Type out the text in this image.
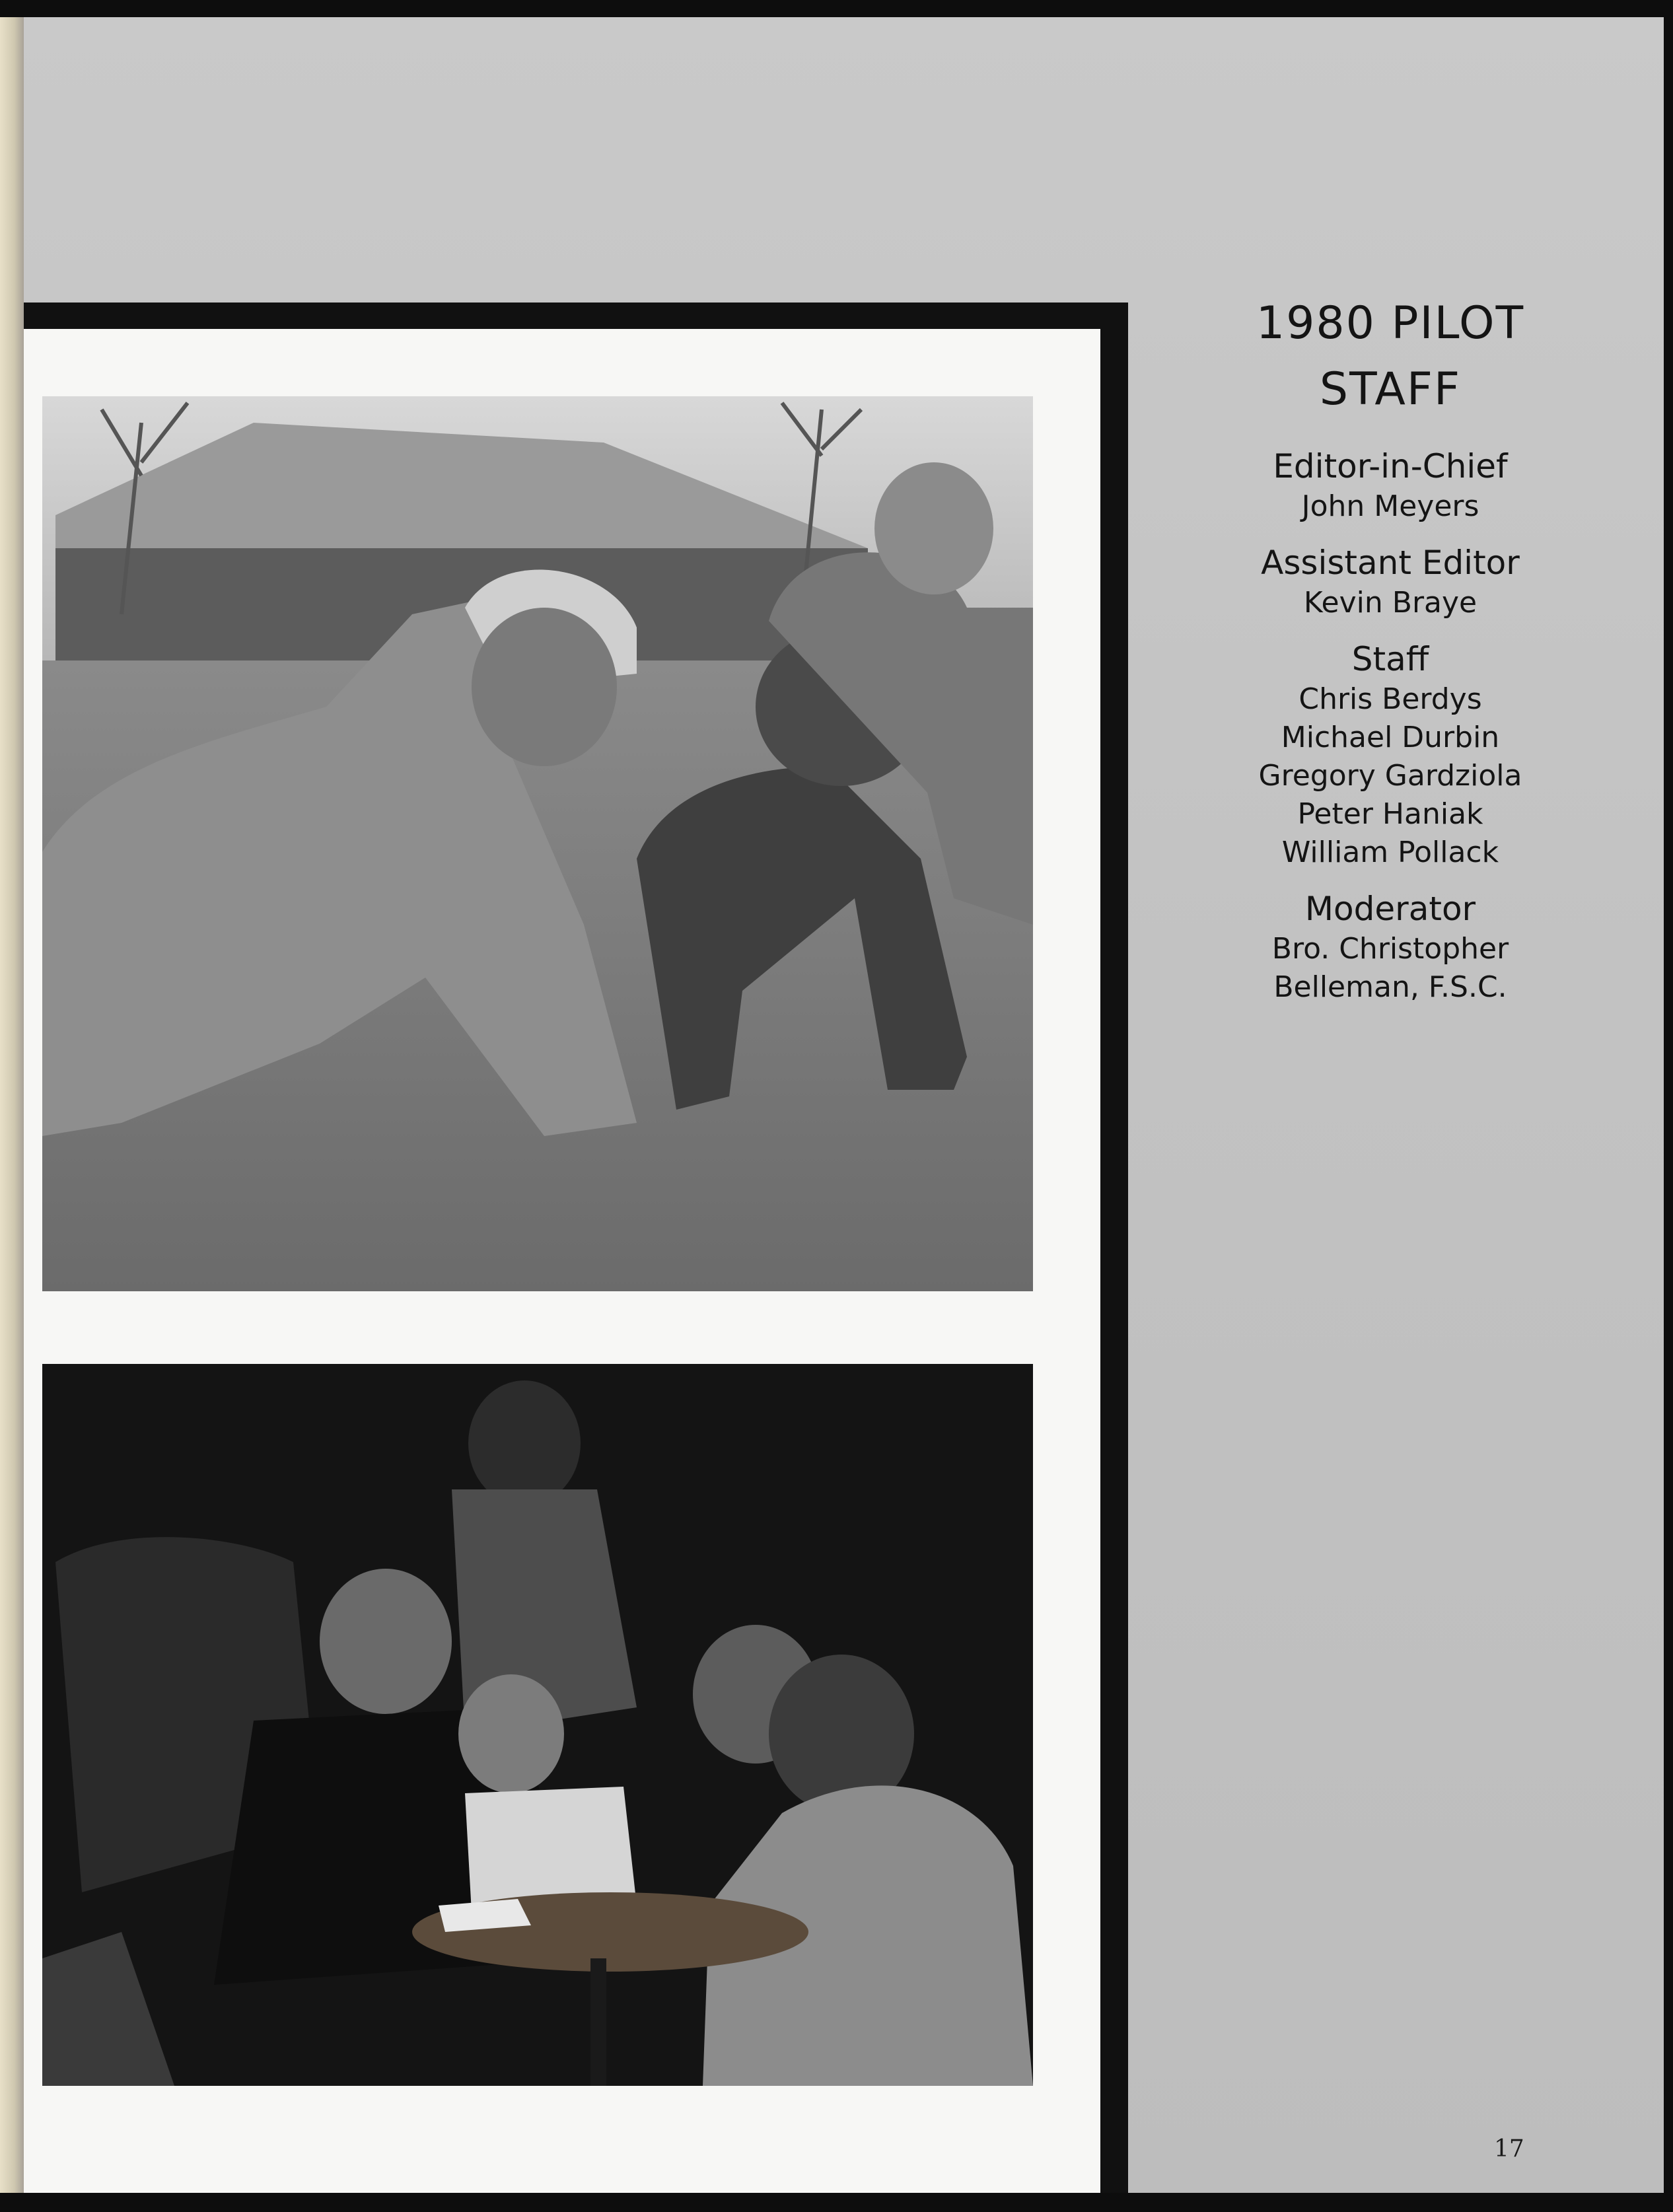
1980 PILOT
STAFF
Editor-in-Chief
John Meyers
Assistant Editor
Kevin Braye
Staff
Chris Berdys
Michael Durbin
Gregory Gardziola
Peter Haniak
William Pollack
Moderator
Bro. Christopher
Belleman, F.S.C.
17
